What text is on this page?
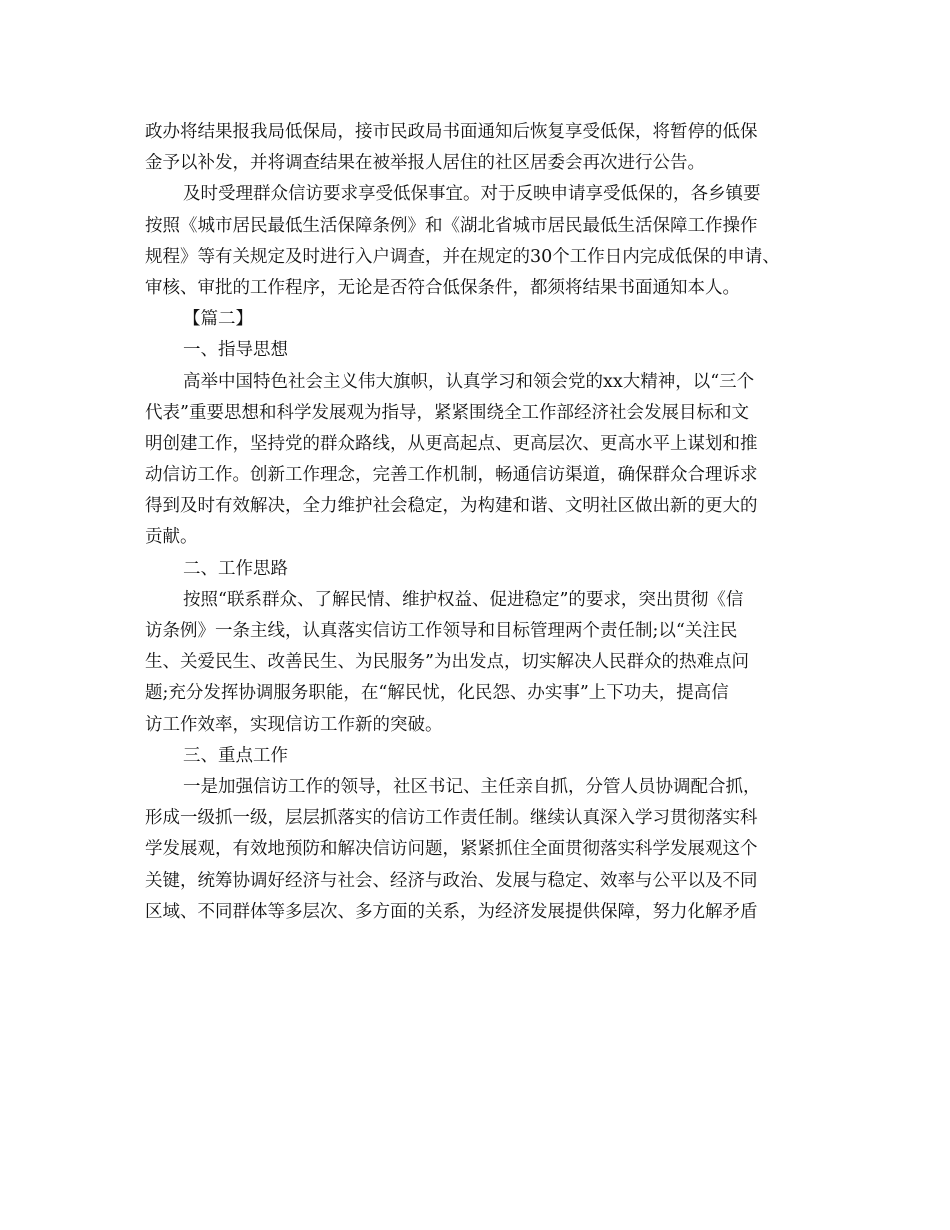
政办将结果报我局低保局，接市民政局书面通知后恢复享受低保，将暂停的低保

金予以补发，并将调查结果在被举报人居住的社区居委会再次进行公告。

及时受理群众信访要求享受低保事宜。对于反映申请享受低保的，各乡镇要

按照《城市居民最低生活保障条例》和《湖北省城市居民最低生活保障工作操作

规程》等有关规定及时进行入户调查，并在规定的30个工作日内完成低保的申请、

审核、审批的工作程序，无论是否符合低保条件，都须将结果书面通知本人。

【篇二】

一、指导思想

高举中国特色社会主义伟大旗帜，认真学习和领会党的xx大精神，以“三个

代表”重要思想和科学发展观为指导，紧紧围绕全工作部经济社会发展目标和文

明创建工作，坚持党的群众路线，从更高起点、更高层次、更高水平上谋划和推

动信访工作。创新工作理念，完善工作机制，畅通信访渠道，确保群众合理诉求

得到及时有效解决，全力维护社会稳定，为构建和谐、文明社区做出新的更大的

贡献。

二、工作思路

按照“联系群众、了解民情、维护权益、促进稳定”的要求，突出贯彻《信

访条例》一条主线，认真落实信访工作领导和目标管理两个责任制;以“关注民

生、关爱民生、改善民生、为民服务”为出发点，切实解决人民群众的热难点问

题;充分发挥协调服务职能，在“解民忧，化民怨、办实事”上下功夫，提高信

访工作效率，实现信访工作新的突破。

三、重点工作

一是加强信访工作的领导，社区书记、主任亲自抓，分管人员协调配合抓，

形成一级抓一级，层层抓落实的信访工作责任制。继续认真深入学习贯彻落实科

学发展观，有效地预防和解决信访问题，紧紧抓住全面贯彻落实科学发展观这个

关键，统筹协调好经济与社会、经济与政治、发展与稳定、效率与公平以及不同

区域、不同群体等多层次、多方面的关系，为经济发展提供保障，努力化解矛盾
